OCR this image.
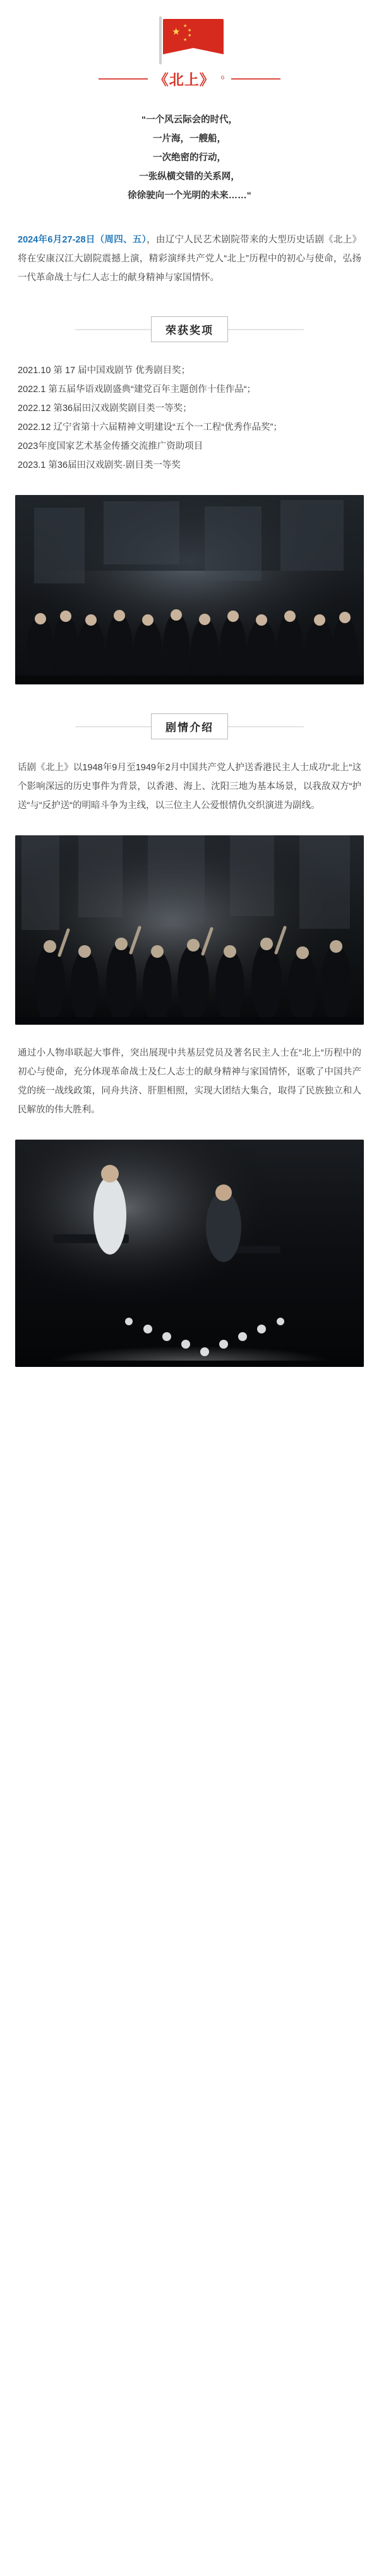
★
★
★
★
★
《北上》 ᴳ
“一个风云际会的时代，
一片海，一艘船，
一次绝密的行动，
一张纵横交错的关系网，
徐徐驶向一个光明的未来……“

2024年6月27-28日（周四、五），由辽宁人民艺术剧院带来的大型历史话剧《北上》将在安康汉江大剧院震撼上演，精彩演绎共产党人“北上”历程中的初心与使命，弘扬一代革命战士与仁人志士的献身精神与家国情怀。

荣获奖项
2021.10 第 17 届中国戏剧节 优秀剧目奖；
2022.1 第五届华语戏剧盛典“建党百年主题创作十佳作品“；
2022.12 第36届田汉戏剧奖剧目类一等奖；
2022.12 辽宁省第十六届精神文明建设“五个一工程“优秀作品奖”；
2023年度国家艺术基金传播交流推广资助项目
2023.1 第36届田汉戏剧奖·剧目类一等奖
剧情介绍

话剧《北上》以1948年9月至1949年2月中国共产党人护送香港民主人士成功“北上“这个影响深远的历史事件为背景，以香港、海上、沈阳三地为基本场景，以我敌双方“护送“与“反护送“的明暗斗争为主线，以三位主人公爱恨情仇交织演进为副线。

通过小人物串联起大事件，突出展现中共基层党员及著名民主人士在“北上“历程中的初心与使命，充分体现革命战士及仁人志士的献身精神与家国情怀，讴歌了中国共产党的统一战线政策，同舟共济、肝胆相照，实现大团结大集合，取得了民族独立和人民解放的伟大胜利。
